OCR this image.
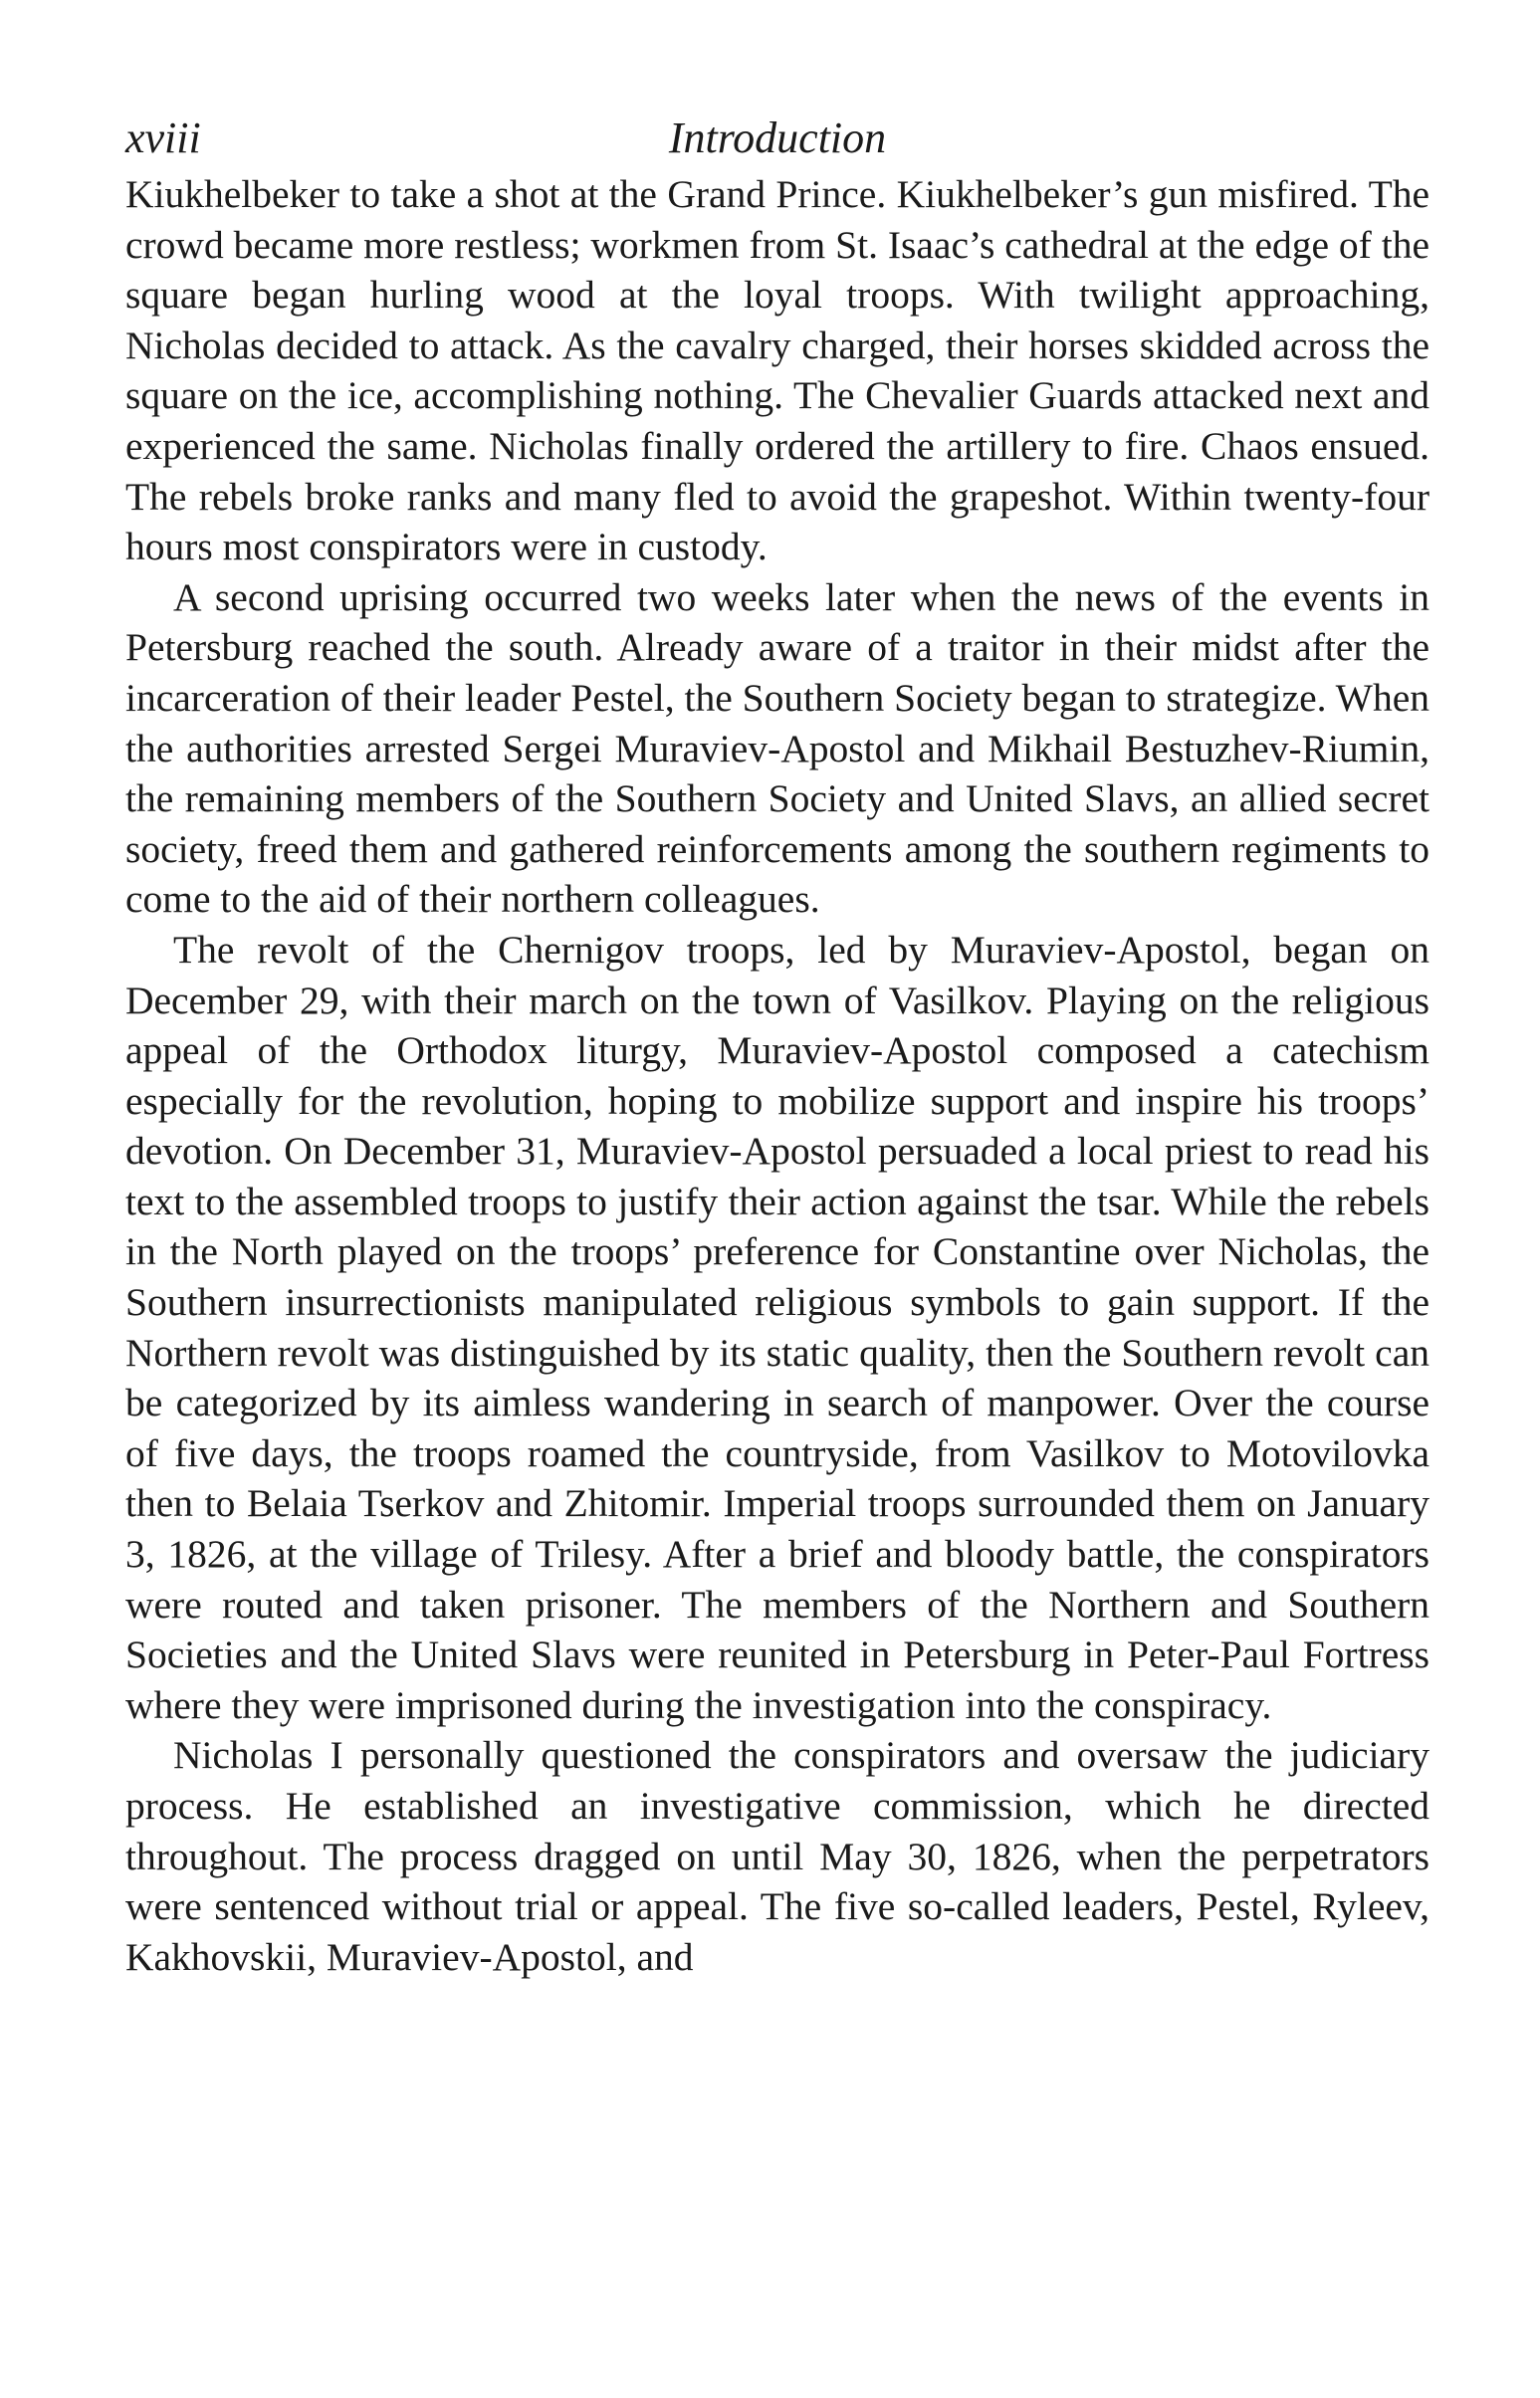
xviii	Introduction

Kiukhelbeker to take a shot at the Grand Prince. Kiukhelbeker’s gun misfired. The crowd became more restless; workmen from St. Isaac’s cathedral at the edge of the square began hurling wood at the loyal troops. With twilight approaching, Nicholas decided to attack. As the cavalry charged, their horses skidded across the square on the ice, accomplishing nothing. The Chevalier Guards attacked next and experienced the same. Nicholas finally ordered the artillery to fire. Chaos ensued. The rebels broke ranks and many fled to avoid the grapeshot. Within twenty-four hours most conspirators were in custody.

A second uprising occurred two weeks later when the news of the events in Petersburg reached the south. Already aware of a traitor in their midst after the incarceration of their leader Pestel, the Southern Society began to strategize. When the authorities arrested Sergei Muraviev-Apostol and Mikhail Bestuzhev-Riumin, the remaining members of the Southern Society and United Slavs, an allied secret society, freed them and gathered reinforcements among the southern regiments to come to the aid of their northern colleagues.

The revolt of the Chernigov troops, led by Muraviev-Apostol, began on December 29, with their march on the town of Vasilkov. Playing on the religious appeal of the Orthodox liturgy, Muraviev-Apostol composed a catechism especially for the revolution, hoping to mobilize support and inspire his troops’ devotion. On December 31, Muraviev-Apostol persuaded a local priest to read his text to the assembled troops to justify their action against the tsar. While the rebels in the North played on the troops’ preference for Constantine over Nicholas, the Southern insurrectionists manipulated religious symbols to gain support. If the Northern revolt was distinguished by its static quality, then the Southern revolt can be categorized by its aimless wandering in search of manpower. Over the course of five days, the troops roamed the countryside, from Vasilkov to Motovilovka then to Belaia Tserkov and Zhitomir. Imperial troops surrounded them on January 3, 1826, at the village of Trilesy. After a brief and bloody battle, the conspirators were routed and taken prisoner. The members of the Northern and Southern Societies and the United Slavs were reunited in Petersburg in Peter-Paul Fortress where they were imprisoned during the investigation into the conspiracy.

Nicholas I personally questioned the conspirators and oversaw the judiciary process. He established an investigative commission, which he directed throughout. The process dragged on until May 30, 1826, when the perpetrators were sentenced without trial or appeal. The five so-called leaders, Pestel, Ryleev, Kakhovskii, Muraviev-Apostol, and
